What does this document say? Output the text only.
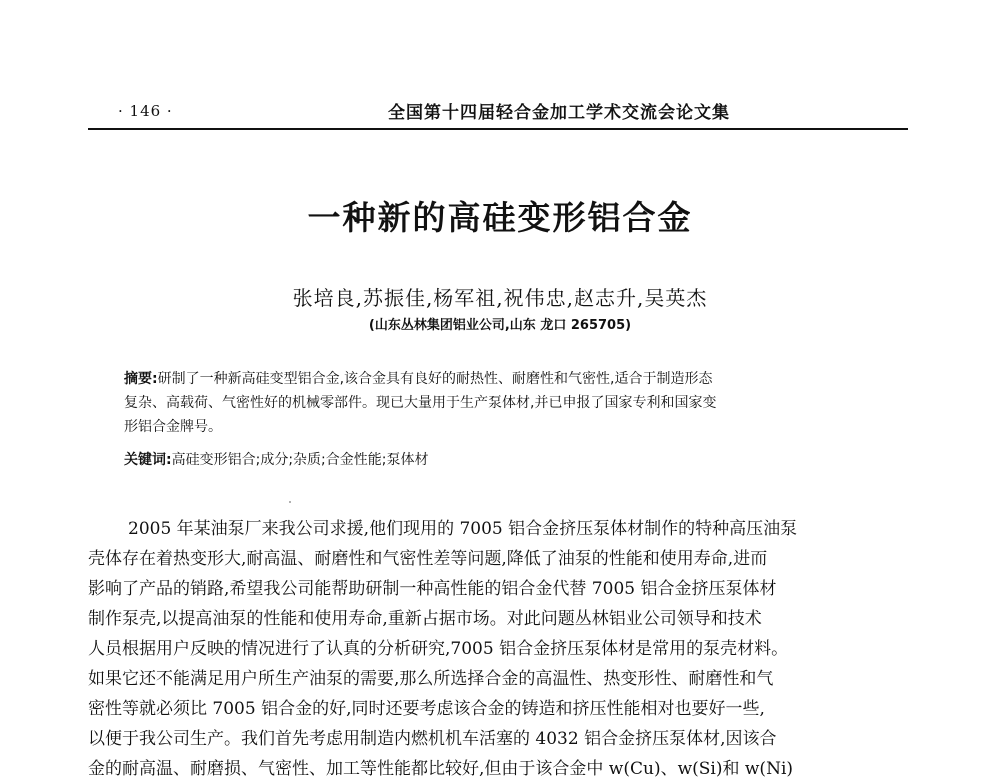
· 146 ·	全国第十四届轻合金加工学术交流会论文集
一种新的高硅变形铝合金
张培良,苏振佳,杨军祖,祝伟忠,赵志升,吴英杰
(山东丛林集团铝业公司,山东 龙口 265705)
摘要:研制了一种新高硅变型铝合金,该合金具有良好的耐热性、耐磨性和气密性,适合于制造形态
复杂、高载荷、气密性好的机械零部件。现已大量用于生产泵体材,并已申报了国家专利和国家变
形铝合金牌号。
关键词:高硅变形铝合;成分;杂质;合金性能;泵体材
2005 年某油泵厂来我公司求援,他们现用的 7005 铝合金挤压泵体材制作的特种高压油泵
壳体存在着热变形大,耐高温、耐磨性和气密性差等问题,降低了油泵的性能和使用寿命,进而
影响了产品的销路,希望我公司能帮助研制一种高性能的铝合金代替 7005 铝合金挤压泵体材
制作泵壳,以提高油泵的性能和使用寿命,重新占据市场。对此问题丛林铝业公司领导和技术
人员根据用户反映的情况进行了认真的分析研究,7005 铝合金挤压泵体材是常用的泵壳材料。
如果它还不能满足用户所生产油泵的需要,那么所选择合金的高温性、热变形性、耐磨性和气
密性等就必须比 7005 铝合金的好,同时还要考虑该合金的铸造和挤压性能相对也要好一些,
以便于我公司生产。我们首先考虑用制造内燃机机车活塞的 4032 铝合金挤压泵体材,因该合
金的耐高温、耐磨损、气密性、加工等性能都比较好,但由于该合金中 w(Cu)、w(Si)和 w(Ni)
